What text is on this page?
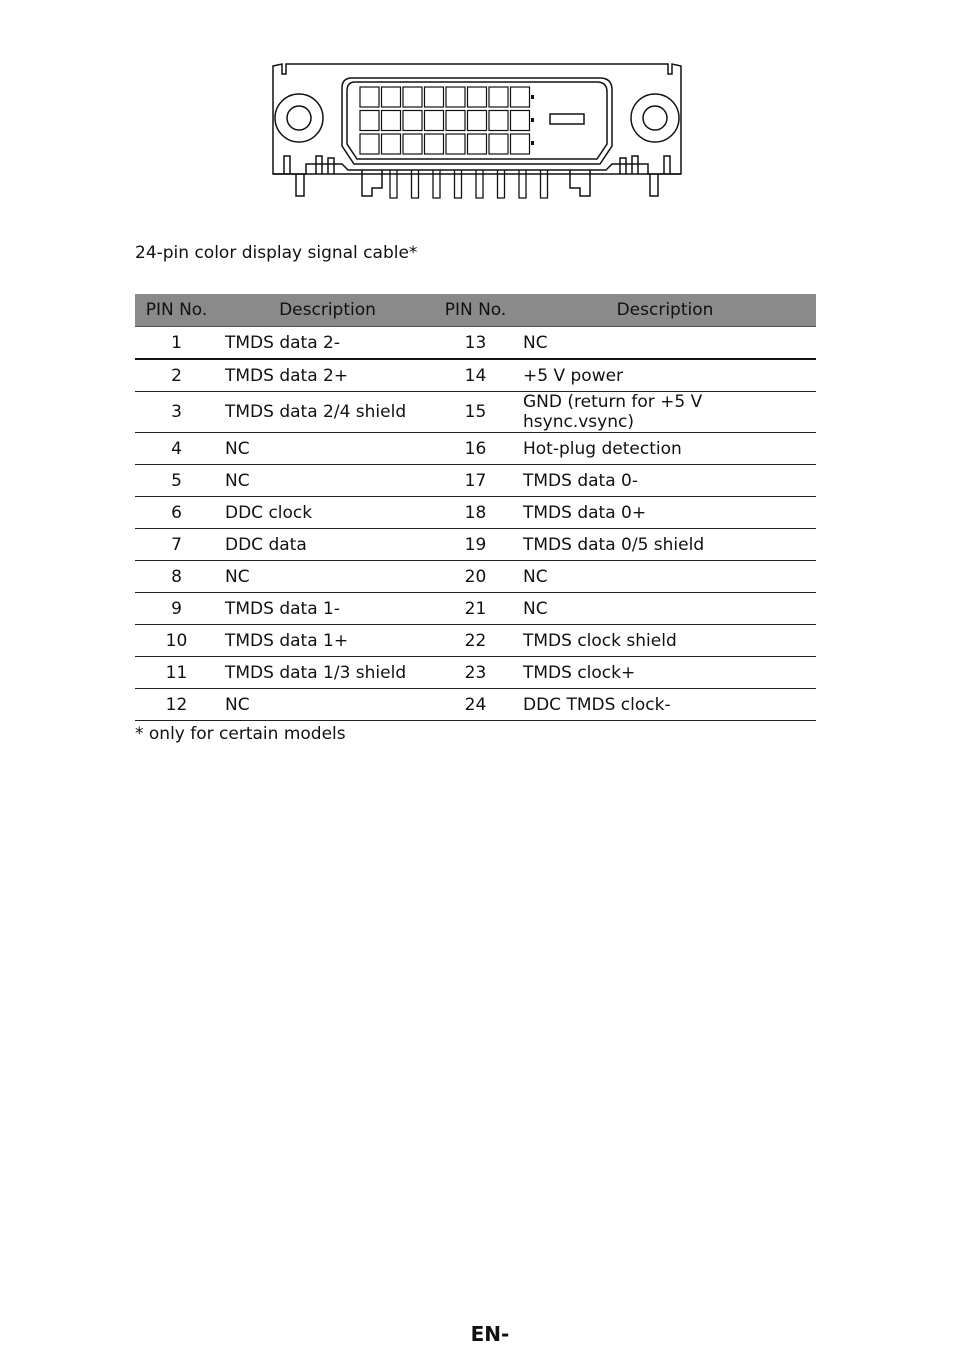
24-pin color display signal cable*
PIN No.	Description	PIN No.	Description
1	TMDS data 2-	13	NC
2	TMDS data 2+	14	+5 V power
3	TMDS data 2/4 shield	15	GND (return for +5 V hsync.vsync)
4	NC	16	Hot-plug detection
5	NC	17	TMDS data 0-
6	DDC clock	18	TMDS data 0+
7	DDC data	19	TMDS data 0/5 shield
8	NC	20	NC
9	TMDS data 1-	21	NC
10	TMDS data 1+	22	TMDS clock shield
11	TMDS data 1/3 shield	23	TMDS clock+
12	NC	24	DDC TMDS clock-
* only for certain models
EN-
